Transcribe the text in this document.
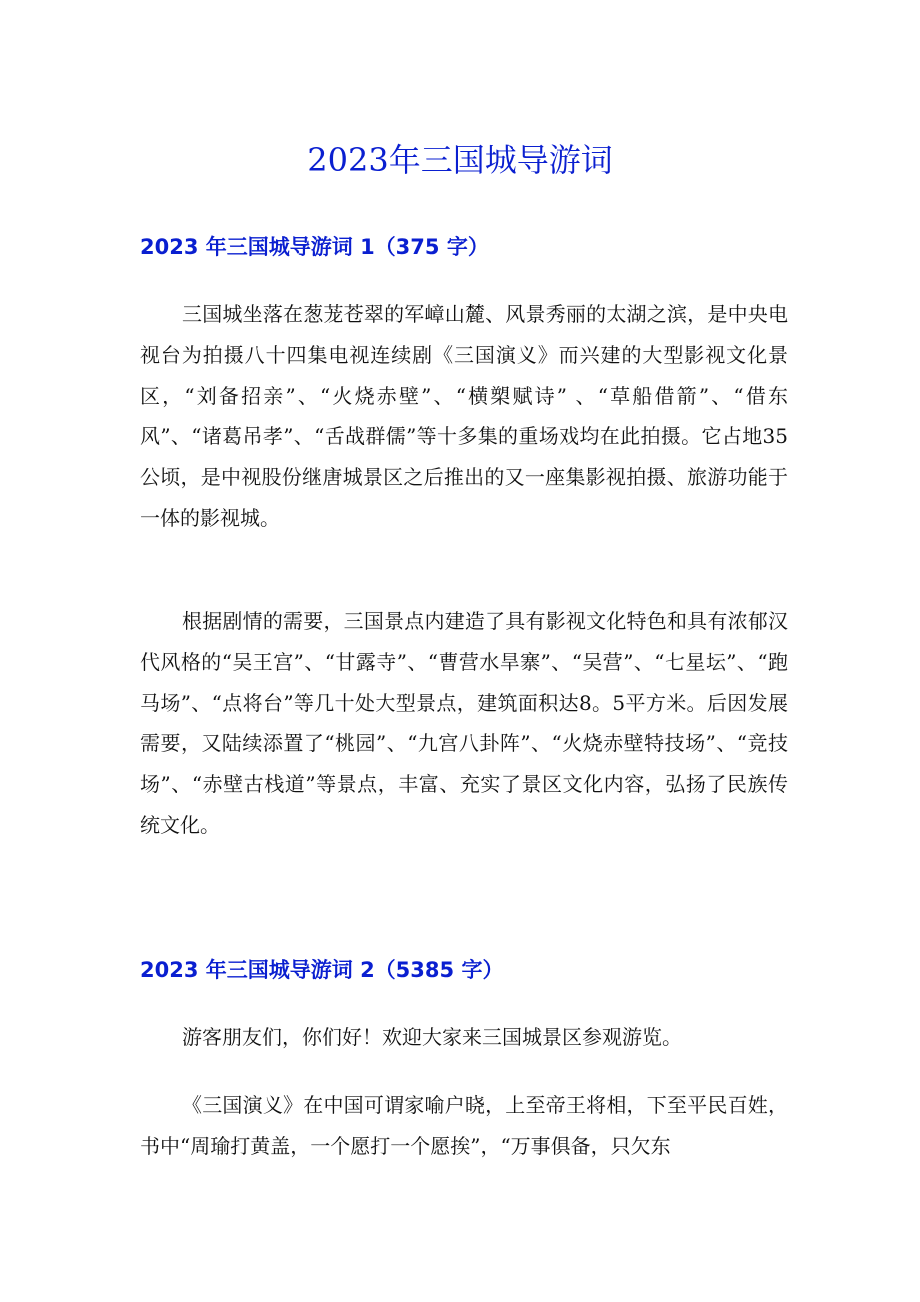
2023年三国城导游词
2023 年三国城导游词 1（375 字）

三国城坐落在葱茏苍翠的军嶂山麓、风景秀丽的太湖之滨，是中央电视台为拍摄八十四集电视连续剧《三国演义》而兴建的大型影视文化景区，“刘备招亲”、“火烧赤壁”、“横槊赋诗” 、“草船借箭”、“借东风”、“诸葛吊孝”、“舌战群儒”等十多集的重场戏均在此拍摄。它占地35公顷，是中视股份继唐城景区之后推出的又一座集影视拍摄、旅游功能于一体的影视城。

根据剧情的需要，三国景点内建造了具有影视文化特色和具有浓郁汉代风格的“吴王宫”、“甘露寺”、“曹营水旱寨”、“吴营”、“七星坛”、“跑马场”、“点将台”等几十处大型景点，建筑面积达8。5平方米。后因发展需要，又陆续添置了“桃园”、“九宫八卦阵”、“火烧赤壁特技场”、“竞技场”、“赤壁古栈道”等景点，丰富、充实了景区文化内容，弘扬了民族传统文化。

2023 年三国城导游词 2（5385 字）

游客朋友们，你们好！欢迎大家来三国城景区参观游览。

《三国演义》在中国可谓家喻户晓，上至帝王将相，下至平民百姓，书中“周瑜打黄盖，一个愿打一个愿挨”，“万事俱备，只欠东
